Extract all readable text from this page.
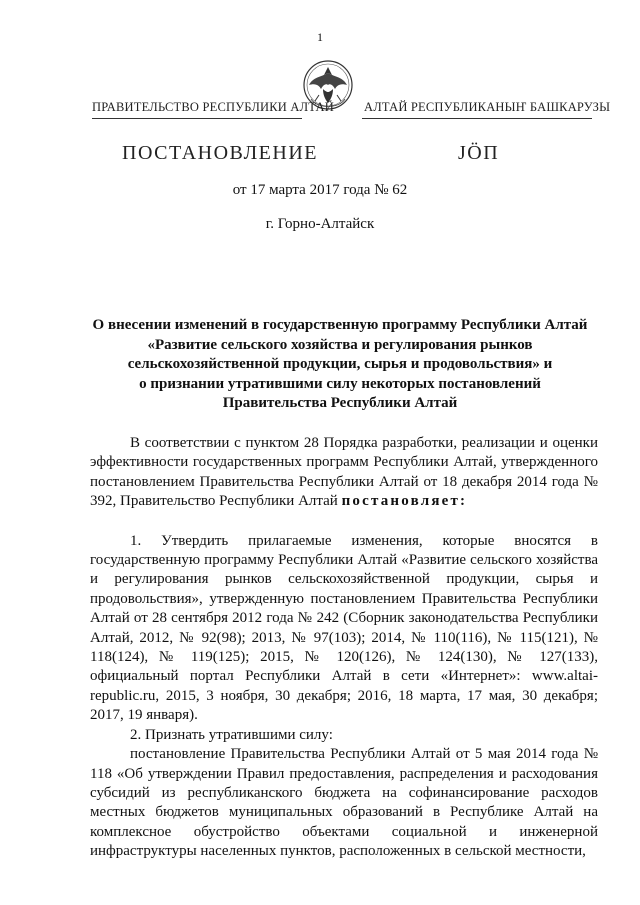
1
ПРАВИТЕЛЬСТВО РЕСПУБЛИКИ АЛТАЙ АЛТАЙ РЕСПУБЛИКАНЫҤ БАШКАРУЗЫ
ПОСТАНОВЛЕНИЕ	ЈӦП
от 17 марта 2017 года № 62
г. Горно-Алтайск
О внесении изменений в государственную программу Республики Алтай
«Развитие сельского хозяйства и регулирования рынков
сельскохозяйственной продукции, сырья и продовольствия» и
о признании утратившими силу некоторых постановлений
Правительства Республики Алтай

В соответствии с пунктом 28 Порядка разработки, реализации и оценки эффективности государственных программ Республики Алтай, утвержденного постановлением Правительства Республики Алтай от 18 декабря 2014 года № 392, Правительство Республики Алтай постановляет:

1. Утвердить прилагаемые изменения, которые вносятся в государственную программу Республики Алтай «Развитие сельского хозяйства и регулирования рынков сельскохозяйственной продукции, сырья и продовольствия», утвержденную постановлением Правительства Республики Алтай от 28 сентября 2012 года № 242 (Сборник законодательства Республики Алтай, 2012, № 92(98); 2013, № 97(103); 2014, № 110(116), № 115(121), № 118(124), № 119(125); 2015, № 120(126), № 124(130), № 127(133), официальный портал Республики Алтай в сети «Интернет»: www.altai-republic.ru, 2015, 3 ноября, 30 декабря; 2016, 18 марта, 17 мая, 30 декабря; 2017, 19 января).

2. Признать утратившими силу:

постановление Правительства Республики Алтай от 5 мая 2014 года № 118 «Об утверждении Правил предоставления, распределения и расходования субсидий из республиканского бюджета на софинансирование расходов местных бюджетов муниципальных образований в Республике Алтай на комплексное обустройство объектами социальной и инженерной инфраструктуры населенных пунктов, расположенных в сельской местности,
